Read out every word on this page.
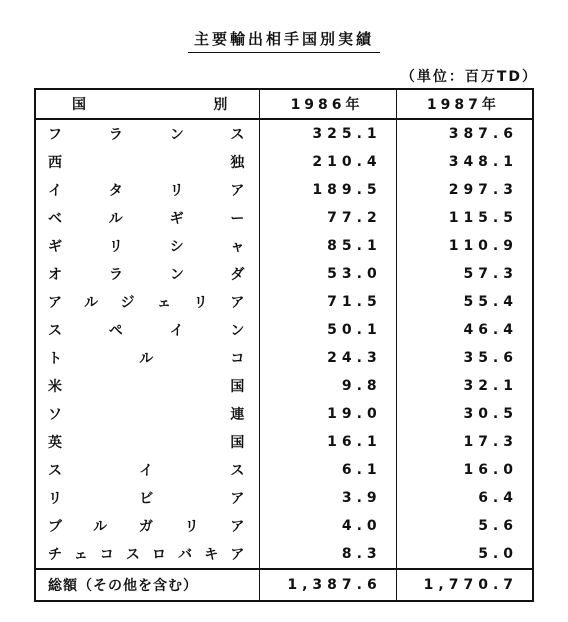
主要輸出相手国別実績
（単位：百万TD）
国　　　　別	1986年	1987年
フランス	325.1	387.6
西独	210.4	348.1
イタリア	189.5	297.3
ベルギー	77.2	115.5
ギリシャ	85.1	110.9
オランダ	53.0	57.3
アルジェリア	71.5	55.4
スペイン	50.1	46.4
トルコ	24.3	35.6
米国	9.8	32.1
ソ連	19.0	30.5
英国	16.1	17.3
スイス	6.1	16.0
リビア	3.9	6.4
ブルガリア	4.0	5.6
チェコスロバキア	8.3	5.0
総額（その他を含む）	1,387.6	1,770.7
